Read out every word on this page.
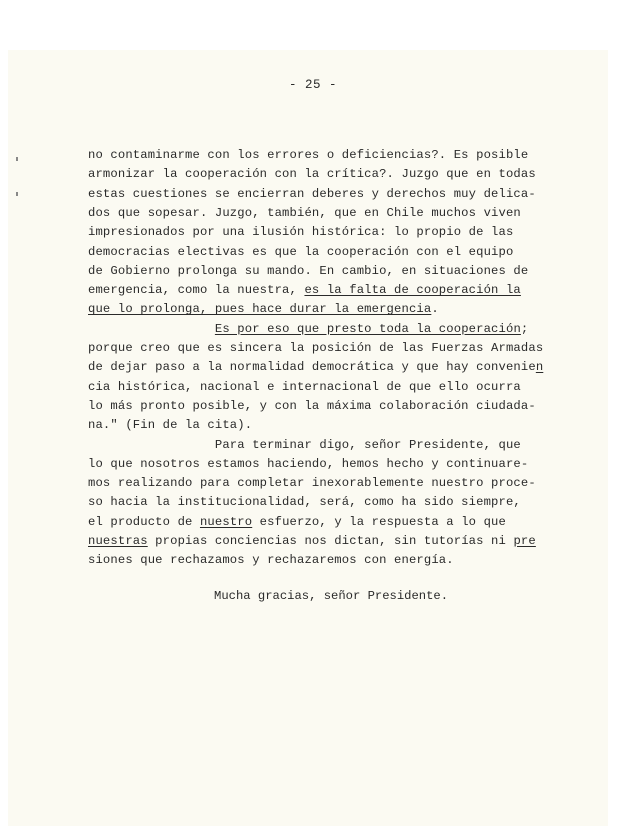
- 25 -
no contaminarme con los errores o deficiencias?. Es posible
armonizar la cooperación con la crítica?. Juzgo que en todas
estas cuestiones se encierran deberes y derechos muy delica-
dos que sopesar. Juzgo, también, que en Chile muchos viven
impresionados por una ilusión histórica: lo propio de las
democracias electivas es que la cooperación con el equipo
de Gobierno prolonga su mando. En cambio, en situaciones de
emergencia, como la nuestra, es la falta de cooperación la
que lo prolonga, pues hace durar la emergencia.
Es por eso que presto toda la cooperación;
porque creo que es sincera la posición de las Fuerzas Armadas
de dejar paso a la normalidad democrática y que hay convenien
cia histórica, nacional e internacional de que ello ocurra
lo más pronto posible, y con la máxima colaboración ciudada-
na." (Fin de la cita).
Para terminar digo, señor Presidente, que
lo que nosotros estamos haciendo, hemos hecho y continuare-
mos realizando para completar inexorablemente nuestro proce-
so hacia la institucionalidad, será, como ha sido siempre,
el producto de nuestro esfuerzo, y la respuesta a lo que
nuestras propias conciencias nos dictan, sin tutorías ni pre
siones que rechazamos y rechazaremos con energía.
Mucha gracias, señor Presidente.
